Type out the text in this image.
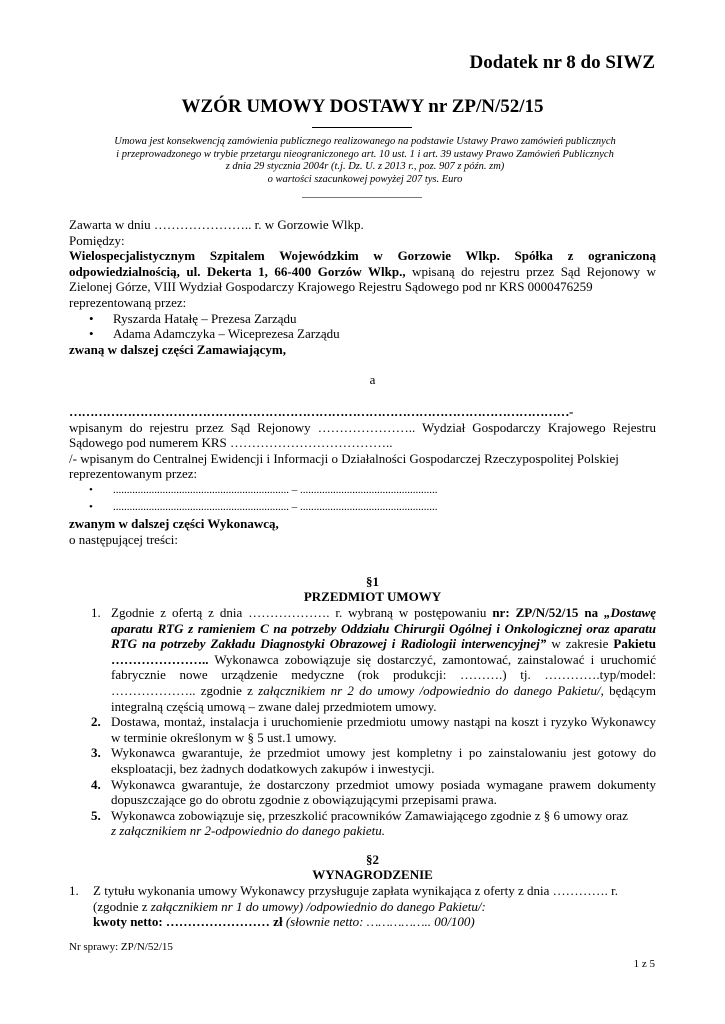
Dodatek nr 8 do SIWZ
WZÓR UMOWY DOSTAWY nr ZP/N/52/15
Umowa jest konsekwencją zamówienia publicznego realizowanego na podstawie Ustawy Prawo zamówień publicznych
i przeprowadzonego w trybie przetargu nieograniczonego art. 10 ust. 1 i art. 39 ustawy Prawo Zamówień Publicznych
z dnia 29 stycznia 2004r (t.j. Dz. U. z 2013 r., poz. 907 z późn. zm)
o wartości szacunkowej powyżej 207 tys. Euro
Zawarta w dniu ………………….. r. w Gorzowie Wlkp.
Pomiędzy:
Wielospecjalistycznym Szpitalem Wojewódzkim w Gorzowie Wlkp. Spółka z ograniczoną odpowiedzialnością, ul. Dekerta 1, 66-400 Gorzów Wlkp., wpisaną do rejestru przez Sąd Rejonowy w Zielonej Górze, VIII Wydział Gospodarczy Krajowego Rejestru Sądowego pod nr KRS 0000476259
reprezentowaną przez:
• Ryszarda Hatałę – Prezesa Zarządu
• Adama Adamczyka – Wiceprezesa Zarządu
zwaną w dalszej części Zamawiającym,
a
…………………………………………………………………………………………………………-
wpisanym do rejestru przez Sąd Rejonowy ………………….. Wydział Gospodarczy Krajowego Rejestru Sądowego pod numerem KRS ………………………………..
/- wpisanym do Centralnej Ewidencji i Informacji o Działalności Gospodarczej Rzeczypospolitej Polskiej
reprezentowanym przez:
• ................................................................ – ..................................................
• ................................................................ – ..................................................
zwanym w dalszej części Wykonawcą,
o następującej treści:
§1
PRZEDMIOT UMOWY
1. Zgodnie z ofertą z dnia ………………. r. wybraną w postępowaniu nr: ZP/N/52/15 na „Dostawę aparatu RTG z ramieniem C na potrzeby Oddziału Chirurgii Ogólnej i Onkologicznej oraz aparatu RTG na potrzeby Zakładu Diagnostyki Obrazowej i Radiologii interwencyjnej” w zakresie Pakietu ………………….. Wykonawca zobowiązuje się dostarczyć, zamontować, zainstalować i uruchomić fabrycznie nowe urządzenie medyczne (rok produkcji: ……….) tj. ………….typ/model: ……………….. zgodnie z załącznikiem nr 2 do umowy /odpowiednio do danego Pakietu/, będącym integralną częścią umową – zwane dalej przedmiotem umowy.
2. Dostawa, montaż, instalacja i uruchomienie przedmiotu umowy nastąpi na koszt i ryzyko Wykonawcy w terminie określonym w § 5 ust.1 umowy.
3. Wykonawca gwarantuje, że przedmiot umowy jest kompletny i po zainstalowaniu jest gotowy do eksploatacji, bez żadnych dodatkowych zakupów i inwestycji.
4. Wykonawca gwarantuje, że dostarczony przedmiot umowy posiada wymagane prawem dokumenty dopuszczające go do obrotu zgodnie z obowiązującymi przepisami prawa.
5. Wykonawca zobowiązuje się, przeszkolić pracowników Zamawiającego zgodnie z § 6 umowy oraz
z załącznikiem nr 2-odpowiednio do danego pakietu.
§2
WYNAGRODZENIE
1. Z tytułu wykonania umowy Wykonawcy przysługuje zapłata wynikająca z oferty z dnia …………. r.
(zgodnie z załącznikiem nr 1 do umowy) /odpowiednio do danego Pakietu/:
kwoty netto: …………………… zł (słownie netto: …………….. 00/100)
Nr sprawy: ZP/N/52/15
1 z 5
